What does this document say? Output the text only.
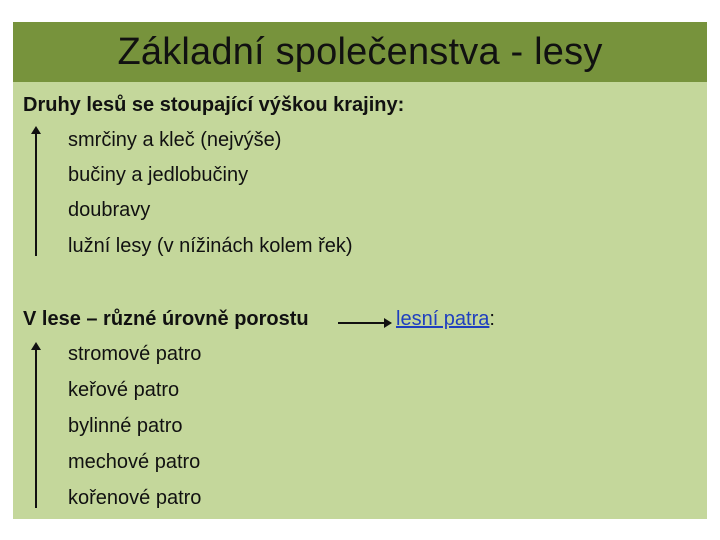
Základní společenstva - lesy
Druhy lesů se stoupající výškou krajiny:
smrčiny a kleč (nejvýše)
bučiny a jedlobučiny
doubravy
lužní lesy (v nížinách kolem řek)
V lese – různé úrovně porostu	lesní patra:
stromové patro
keřové patro
bylinné patro
mechové patro
kořenové patro
